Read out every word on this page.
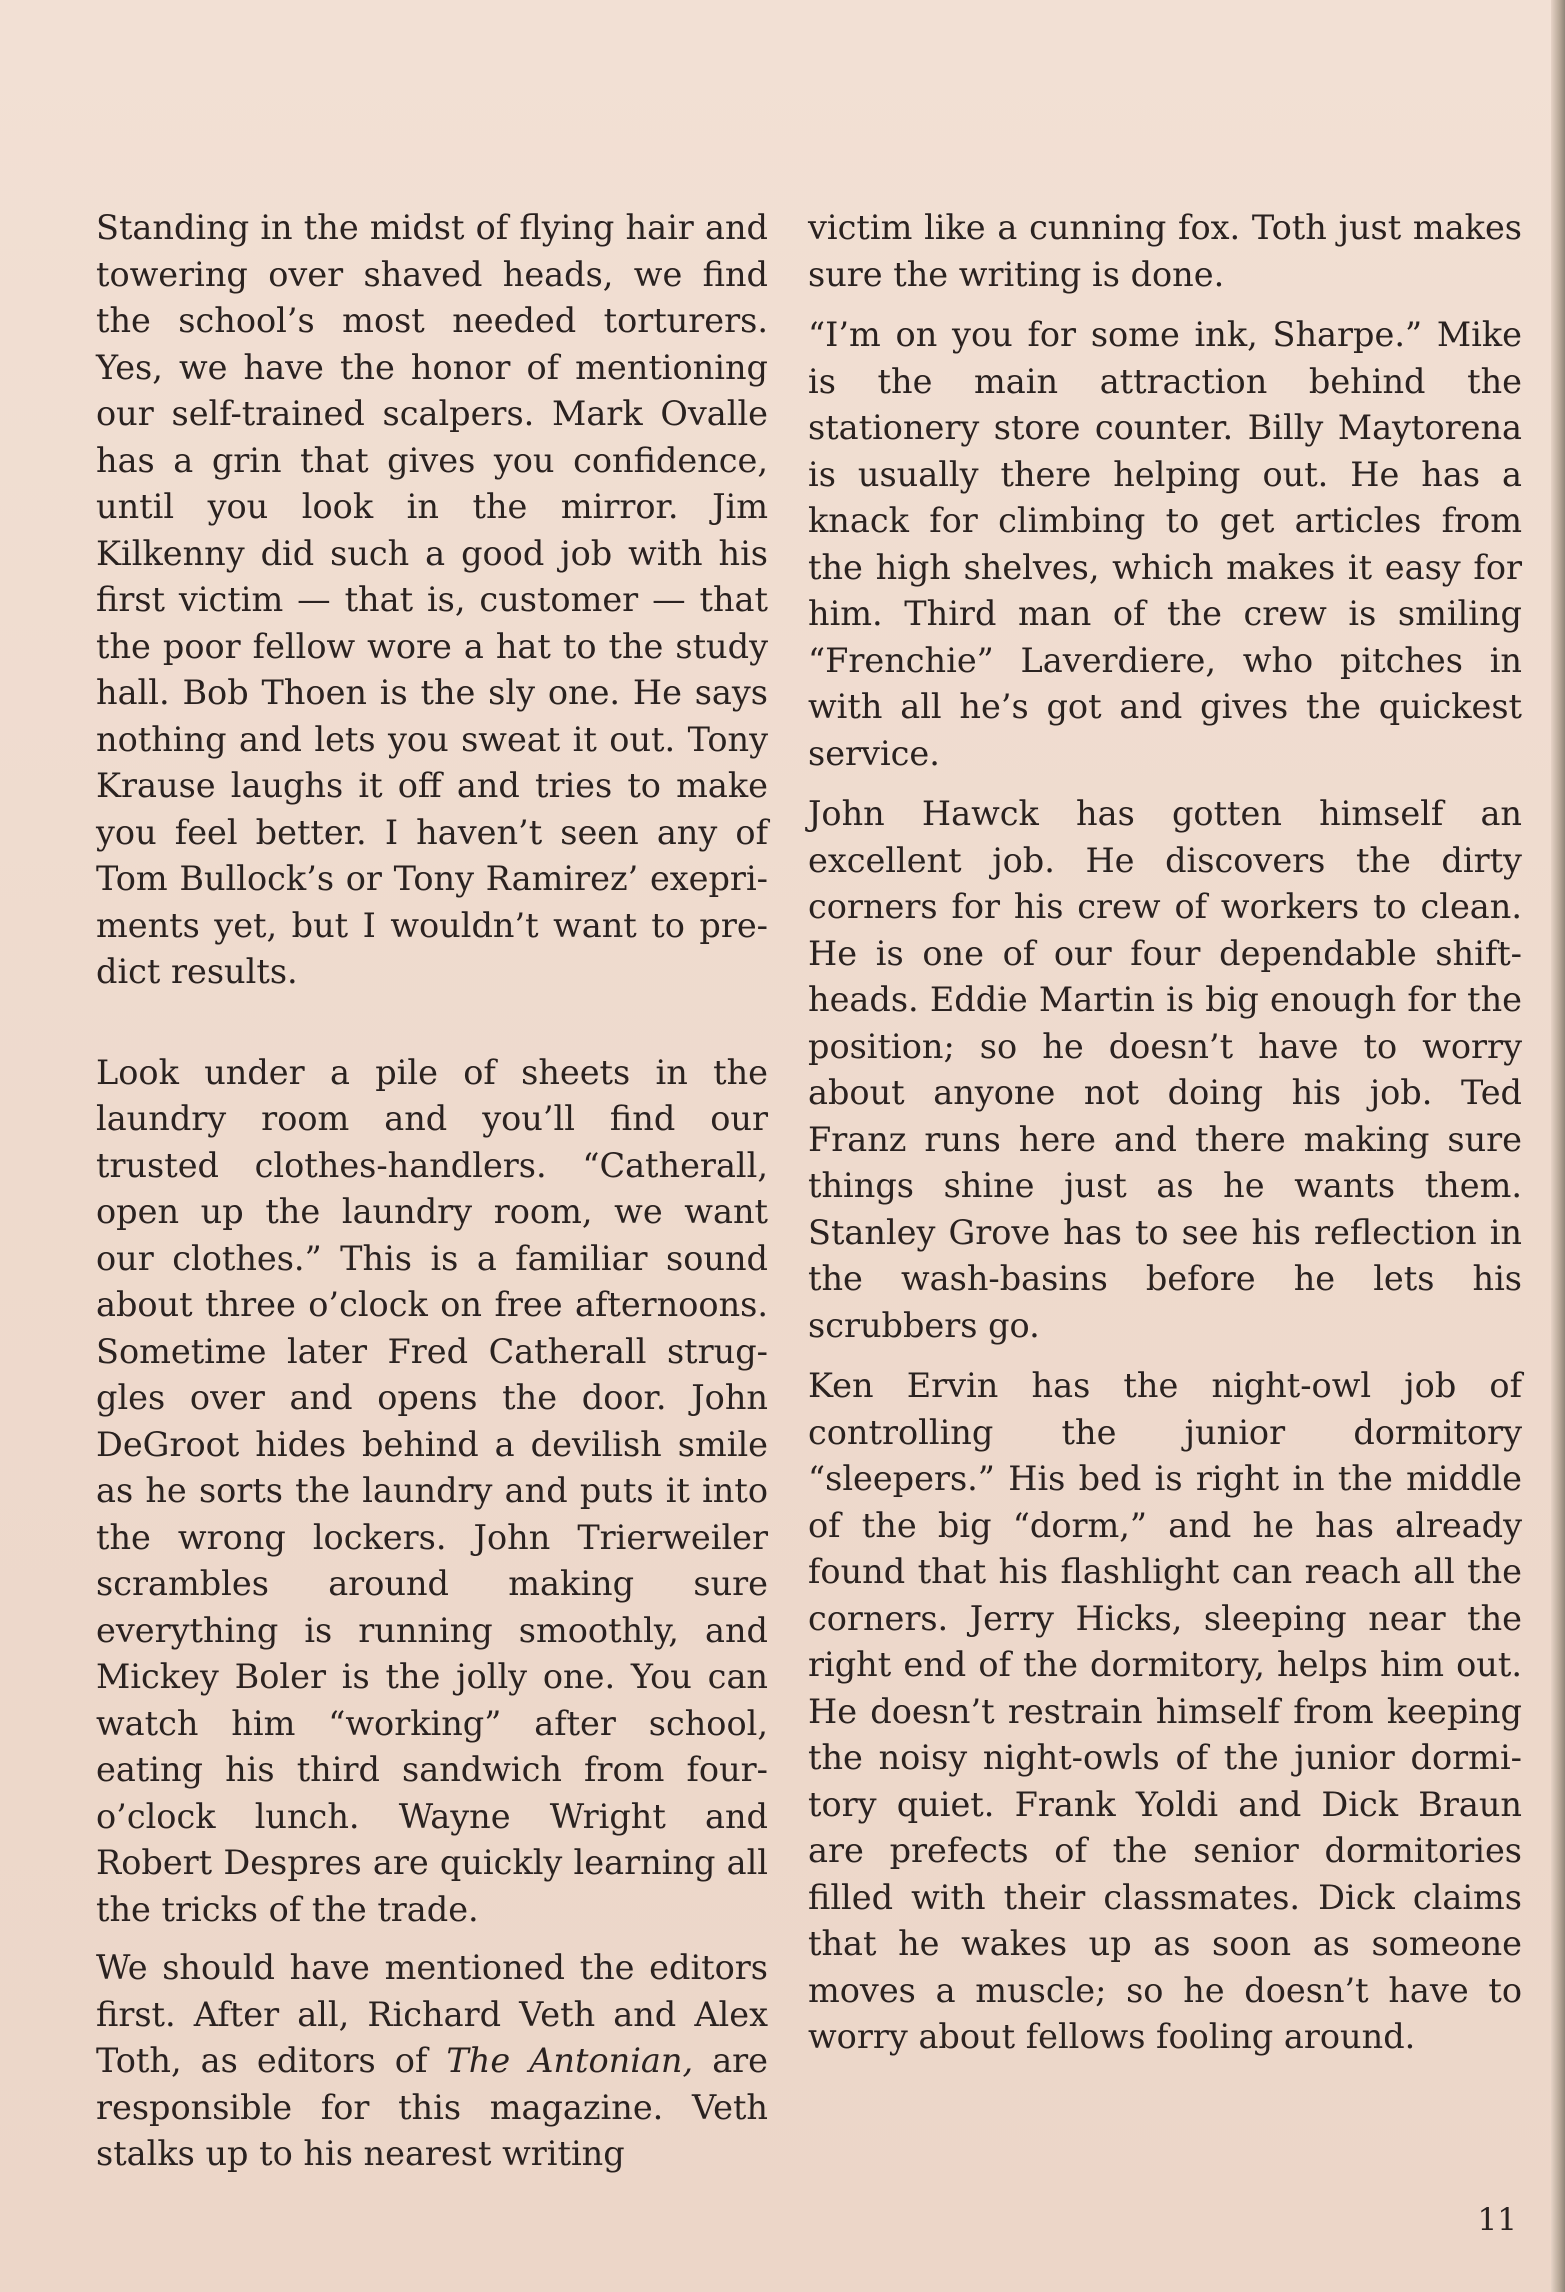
Standing in the midst of flying hair and towering over shaved heads, we find the school’s most needed torturers. Yes, we have the honor of mentioning our self-trained scalpers. Mark Ovalle has a grin that gives you confidence, until you look in the mirror. Jim Kilkenny did such a good job with his first victim — that is, customer — that the poor fellow wore a hat to the study hall. Bob Thoen is the sly one. He says nothing and lets you sweat it out. Tony Krause laughs it off and tries to make you feel better. I haven’t seen any of Tom Bullock’s or Tony Ramirez’ exepriments yet, but I wouldn’t want to predict results.

Look under a pile of sheets in the laundry room and you’ll find our trusted clothes-handlers. “Catherall, open up the laundry room, we want our clothes.” This is a familiar sound about three o’clock on free afternoons. Sometime later Fred Catherall struggles over and opens the door. John DeGroot hides behind a devilish smile as he sorts the laundry and puts it into the wrong lockers. John Trierweiler scrambles around making sure everything is running smoothly, and Mickey Boler is the jolly one. You can watch him “working” after school, eating his third sandwich from four-o’clock lunch. Wayne Wright and Robert Despres are quickly learning all the tricks of the trade.

We should have mentioned the editors first. After all, Richard Veth and Alex Toth, as editors of The Antonian, are responsible for this magazine. Veth stalks up to his nearest writing

victim like a cunning fox. Toth just makes sure the writing is done.

“I’m on you for some ink, Sharpe.” Mike is the main attraction behind the stationery store counter. Billy Maytorena is usually there helping out. He has a knack for climbing to get articles from the high shelves, which makes it easy for him. Third man of the crew is smiling “Frenchie” Laverdiere, who pitches in with all he’s got and gives the quickest service.

John Hawck has gotten himself an excellent job. He discovers the dirty corners for his crew of workers to clean. He is one of our four dependable shift-heads. Eddie Martin is big enough for the position; so he doesn’t have to worry about anyone not doing his job. Ted Franz runs here and there making sure things shine just as he wants them. Stanley Grove has to see his reflection in the wash-basins before he lets his scrubbers go.

Ken Ervin has the night-owl job of controlling the junior dormitory “sleepers.” His bed is right in the middle of the big “dorm,” and he has already found that his flashlight can reach all the corners. Jerry Hicks, sleeping near the right end of the dormitory, helps him out. He doesn’t restrain himself from keeping the noisy night-owls of the junior dormitory quiet. Frank Yoldi and Dick Braun are prefects of the senior dormitories filled with their classmates. Dick claims that he wakes up as soon as someone moves a muscle; so he doesn’t have to worry about fellows fooling around.

11
